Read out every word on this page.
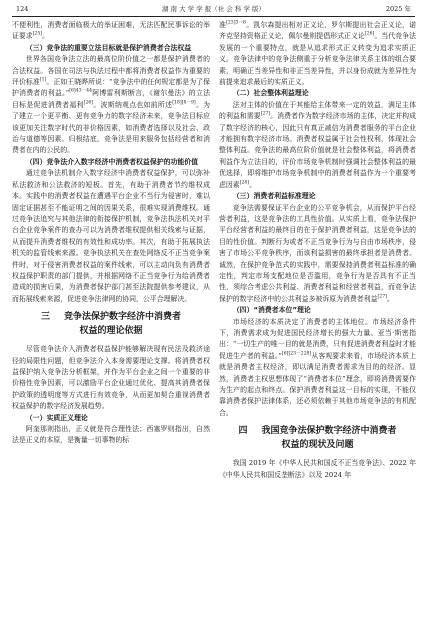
124	湖 南 大 学 学 报（社 会 科 学 版）	2025 年

不便利性，消费者面临极大的举证困难，无法匹配民事诉讼的举证要求[25]。

（三）竞争法的重要立法目标就是保护消费者合法权益

世界各国竞争法立法的最高位阶价值之一都是保护消费者的合法权益。各国在司法与执法过程中都将消费者权益作为重要的评价标准[1]。正如王晓晔所说：“竞争法中的任何规定都是为了保护消费者的利益。”$^{[6]43-44}$阿博雷利斯断言，《谢尔曼法》的立法目标是促进消费者福利[26]。波斯纳观点也如前所述[18][8－9]。为了建立一个更平衡、更有竞争力的数字经济未来，竞争法目标应该更加关注数字时代的非价格因素，如消费者选择以及社会、政治与道德等因素。归根结底，竞争法是用来服务包括经营者和消费者在内的公民的。

（四）竞争法介入数字经济中消费者权益保护的功能价值

通过竞争法机制介入数字经济中消费者权益保护，可以弥补私法救济和公法救济的短板。首先，有助于消费者节约维权成本。实践中的消费者权益在遭遇平台企业不当行为侵害时，难以固定证据甚至不能证明之间的因果关系，很难实现消费维权。通过竞争法追究与其他法律的衔接保护机制，竞争法执法机关对平台企业竞争案件的查办可以为消费者维权提供相关线索与证据，从而提升消费者维权的有效性和成功率。其次，有助于拓展执法机关的监管线索来源。竞争执法机关在查处网络反不正当竞争案件时，对于侵害消费者权益的案件线索，可以主动向负有消费者权益保护职责的部门提供，并根据网络不正当竞争行为给消费者造成的损害后果，为消费者保护部门甚至法院提供参考建议，从而拓展线索来源，促进竞争法律网的协同，公平合理解决。

三 竞争法保护数字经济中消费者
权益的理论依据

尽管竞争法介入消费者权益保护能够解决现有民法及救济途径的局限性问题，但竞争法介入本身需要理论支撑。将消费者权益保护纳入竞争法分析框架，并作为平台企业之间一个重要的非价格性竞争因素，可以激励平台企业通过优化、提高其消费者保护政策的透明度等方式进行有效竞争，从而更加契合重视消费者权益保护的数字经济发展趋势。

（一）实质正义理论

阿奎那则指出，正义就是符合理性法；西塞罗则指出，自然法是正义的本原，是衡量一切事物的标

准$^{[23]3-8}$。凯尔森提出相对正义论，罗尔斯提出社会正义论，诺齐克坚持资格正义论，佩尔曼则提倡形式正义论[26]。当代竞争法发展的一个重要特点，就是从追求形式正义转变为追求实质正义。竞争法律中的竞争法侧重于分析竞争法律关系主体的组合要素，明确正当差异性和非正当差异性，并以身份成就为差异性为前提来追求最后的实质正义。

（二）社会整体利益理论

法对主体的价值在于其能给主体带来一定的效益，满足主体的利益和需要[27]。消费者作为数字经济市场的主体，决定并构成了数字经济的核心，因此只有真正减信为消费者服务的平台企业才能拥有数字经济市场。消费者权益属于社会性权利，体现社会整体利益。竞争法的最高位阶价值就是社会整体利益，将消费者利益作为立法目的，评价市场竞争机制时强调社会整体利益的最优选择，即将维护市场竞争机制中的消费者利益作为一个重要考虑因素[28]。

（三）消费者利益标准理论

竞争法需要保证平台企业的公平竞争机会，从而保护平台经营者利益，这是竞争法的工具性价值。从实质上看，竞争法保护平台经营者利益的最终目的在于保护消费者利益，这是竞争法的目的性价值。判断行为或者不正当竞争行为与自由市场秩序，侵害了市场公平竞争秩序，而该利益损害的最终承担者是消费者。诚然，在保护竞争范式的实践中，需要保持消费者利益标准的确定性，判定市场支配地位是否滥用，竞争行为是否具有不正当性，须综合考虑公共利益、消费者利益和经营者利益，而竞争法保护的数字经济中的公共利益多被诉原为消费者利益[27]。

（四）“消费者本位”理论

市场经济的本质决定了消费者的主体地位。市场经济条件下，消费需求成为促进国民经济增长的强大力量。亚当·斯密指出：“一切生产的唯一目的就是消费，只有促进消费者利益时才能促进生产者的利益。”[6][23－228]从客观要求来看，市场经济本质上就是消费者主权经济，即以满足消费者需求为目的的经济。显然，消费者主权思想体现了“消费者本位”理念，即将消费需要作为生产的起点和终点。保护消费者利益这一目标的实现，不能仅靠消费者保护法律体系，还必须依赖于其他市场竞争法的有机配合。

四 我国竞争法保护数字经济中消费者
权益的现状及问题

我国 2019 年《中华人民共和国反不正当竞争法》、2022 年《中华人民共和国反垄断法》以及 2024 年
